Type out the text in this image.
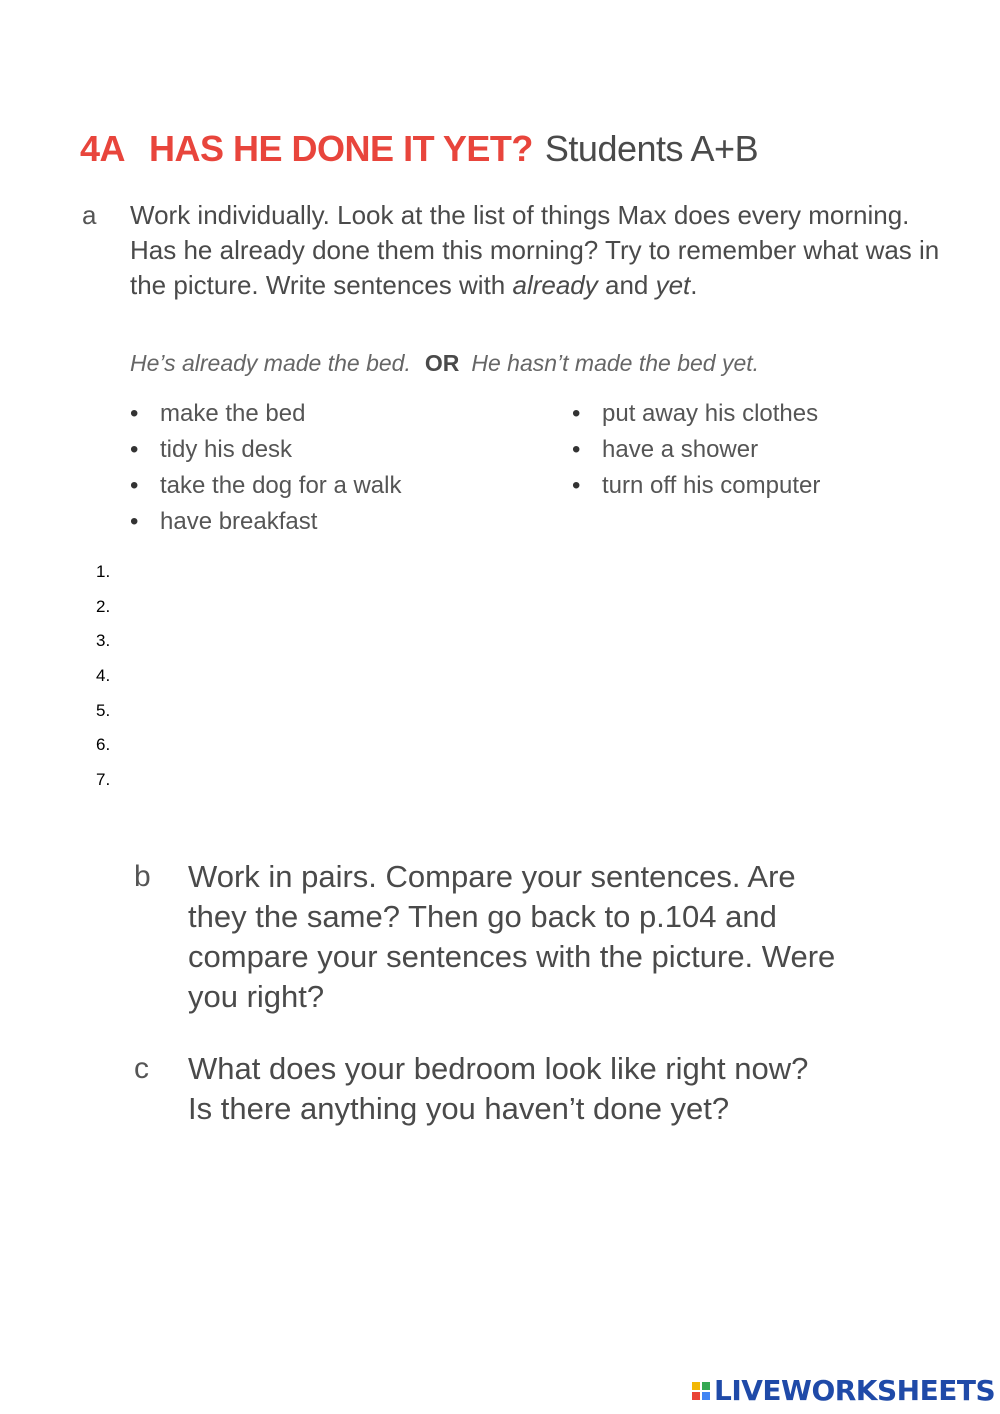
4A HAS HE DONE IT YET? Students A+B
a Work individually. Look at the list of things Max does every morning. Has he already done them this morning? Try to remember what was in the picture. Write sentences with already and yet.
He’s already made the bed. OR He hasn’t made the bed yet.
• make the bed
• tidy his desk
• take the dog for a walk
• have breakfast
• put away his clothes
• have a shower
• turn off his computer
1.
2.
3.
4.
5.
6.
7.
b Work in pairs. Compare your sentences. Are they the same? Then go back to p.104 and compare your sentences with the picture. Were you right?
c What does your bedroom look like right now? Is there anything you haven’t done yet?
LIVEWORKSHEETS
